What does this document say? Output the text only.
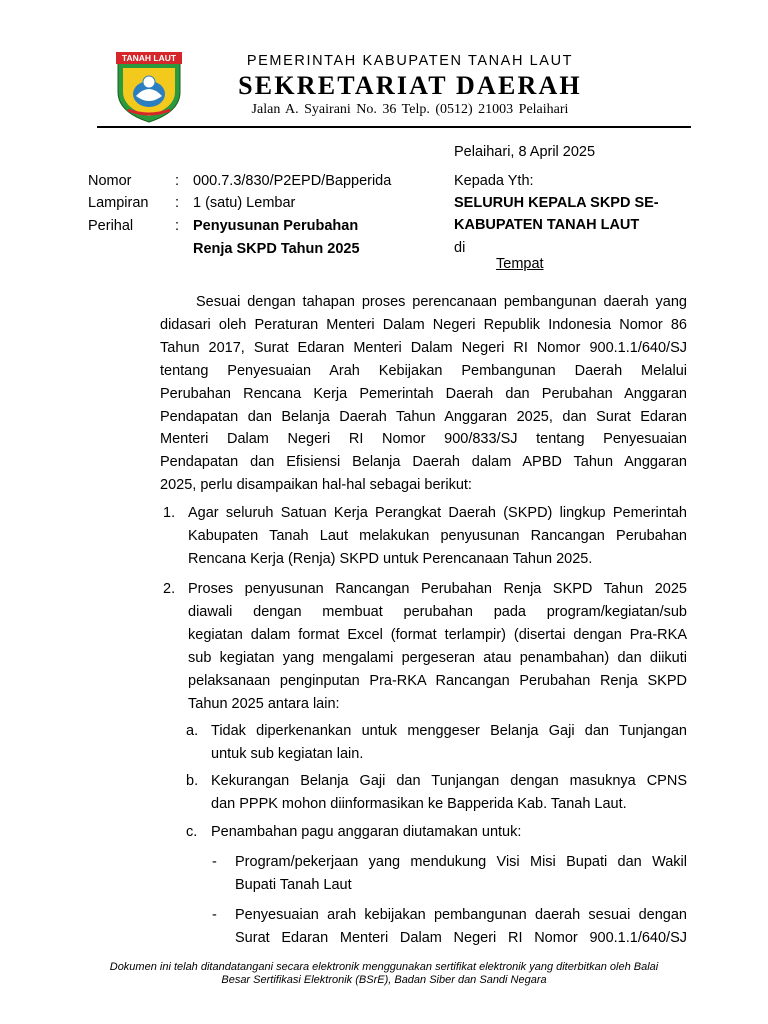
TANAH LAUT	PEMERINTAH KABUPATEN TANAH LAUT
SEKRETARIAT DAERAH
Jalan A. Syairani No. 36 Telp. (0512) 21003 Pelaihari
Pelaihari, 8 April 2025
Nomor	: 000.7.3/830/P2EPD/Bapperida
Lampiran : 1 (satu) Lembar
Perihal	: Penyusunan Perubahan
Renja SKPD Tahun 2025
Kepada Yth:
SELURUH KEPALA SKPD SE-
KABUPATEN TANAH LAUT
di
Tempat
Sesuai dengan tahapan proses perencanaan pembangunan daerah yang
didasari oleh Peraturan Menteri Dalam Negeri Republik Indonesia Nomor 86
Tahun 2017, Surat Edaran Menteri Dalam Negeri RI Nomor 900.1.1/640/SJ
tentang Penyesuaian Arah Kebijakan Pembangunan Daerah Melalui
Perubahan Rencana Kerja Pemerintah Daerah dan Perubahan Anggaran
Pendapatan dan Belanja Daerah Tahun Anggaran 2025, dan Surat Edaran
Menteri Dalam Negeri RI Nomor 900/833/SJ tentang Penyesuaian
Pendapatan dan Efisiensi Belanja Daerah dalam APBD Tahun Anggaran
2025, perlu disampaikan hal-hal sebagai berikut:
1. Agar seluruh Satuan Kerja Perangkat Daerah (SKPD) lingkup Pemerintah
Kabupaten Tanah Laut melakukan penyusunan Rancangan Perubahan
Rencana Kerja (Renja) SKPD untuk Perencanaan Tahun 2025.
2. Proses penyusunan Rancangan Perubahan Renja SKPD Tahun 2025
diawali dengan membuat perubahan pada program/kegiatan/sub
kegiatan dalam format Excel (format terlampir) (disertai dengan Pra-RKA
sub kegiatan yang mengalami pergeseran atau penambahan) dan diikuti
pelaksanaan penginputan Pra-RKA Rancangan Perubahan Renja SKPD
Tahun 2025 antara lain:
a. Tidak diperkenankan untuk menggeser Belanja Gaji dan Tunjangan
untuk sub kegiatan lain.
b. Kekurangan Belanja Gaji dan Tunjangan dengan masuknya CPNS
dan PPPK mohon diinformasikan ke Bapperida Kab. Tanah Laut.
c. Penambahan pagu anggaran diutamakan untuk:
- Program/pekerjaan yang mendukung Visi Misi Bupati dan Wakil
Bupati Tanah Laut
- Penyesuaian arah kebijakan pembangunan daerah sesuai dengan
Surat Edaran Menteri Dalam Negeri RI Nomor 900.1.1/640/SJ
Dokumen ini telah ditandatangani secara elektronik menggunakan sertifikat elektronik yang diterbitkan oleh Balai
Besar Sertifikasi Elektronik (BSrE), Badan Siber dan Sandi Negara
